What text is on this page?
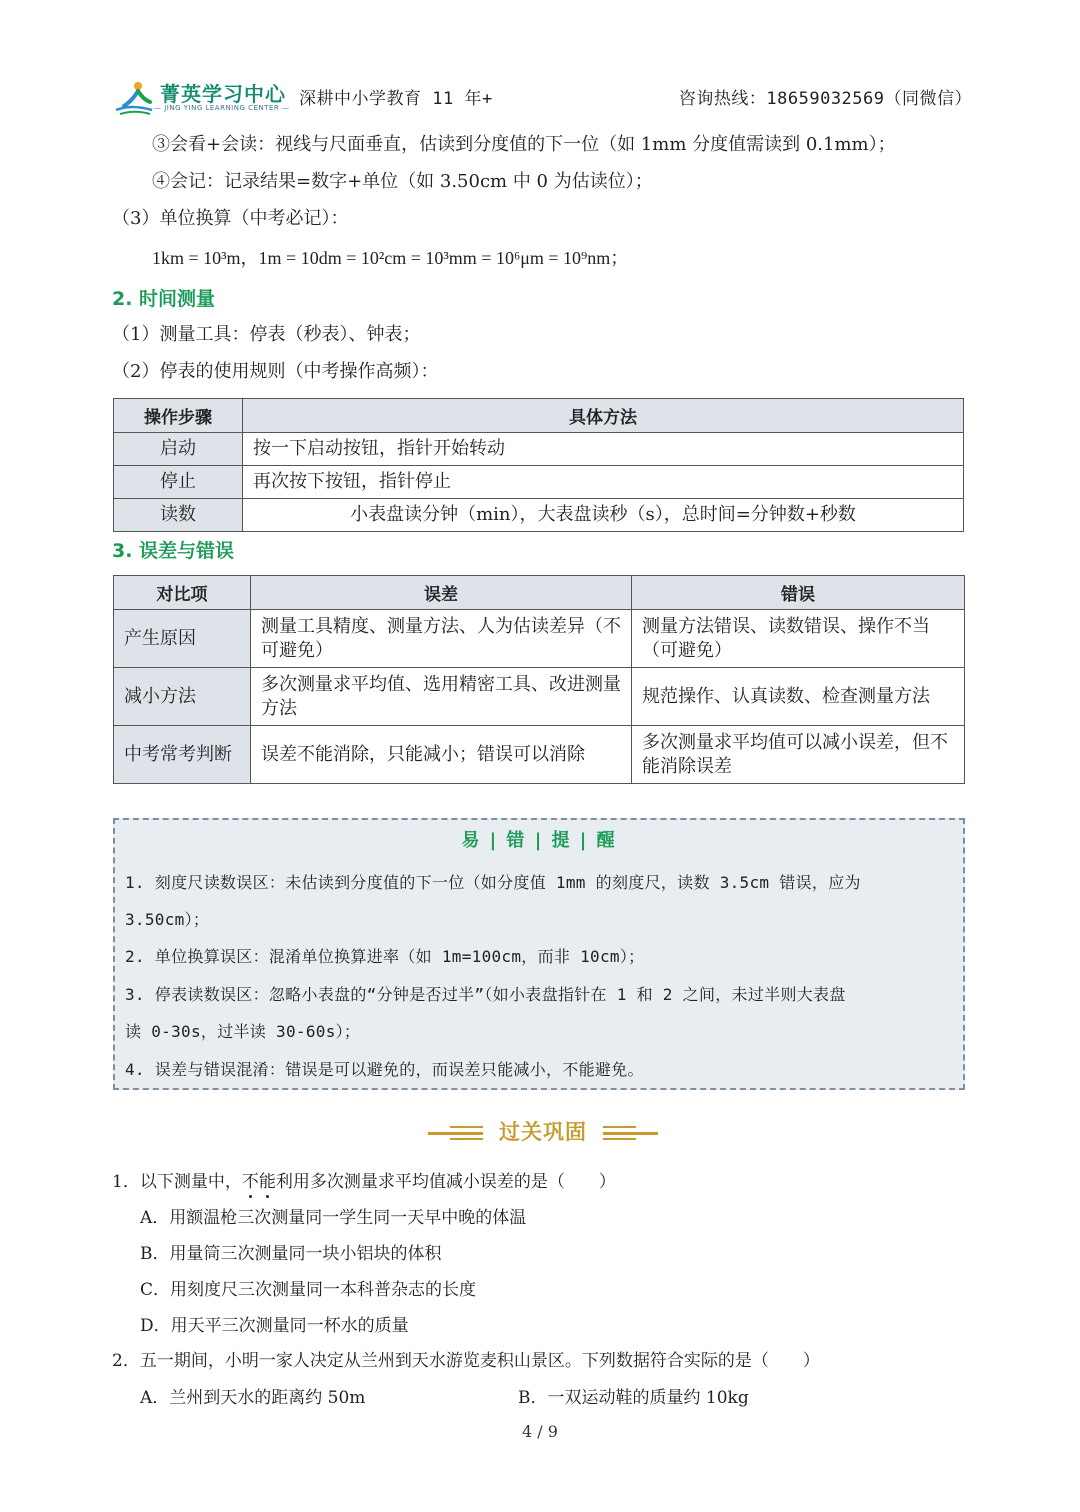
菁英学习中心
— JING YING LEARNING CENTER — 深耕中小学教育 11 年+	咨询热线：18659032569（同微信）
③会看+会读：视线与尺面垂直，估读到分度值的下一位（如 1mm 分度值需读到 0.1mm）；
④会记：记录结果=数字+单位（如 3.50cm 中 0 为估读位）；
（3）单位换算（中考必记）：
1km = 10³m，1m = 10dm = 10²cm = 10³mm = 10⁶μm = 10⁹nm；
2. 时间测量
（1）测量工具：停表（秒表）、钟表；
（2）停表的使用规则（中考操作高频）：
操作步骤	具体方法
启动	按一下启动按钮，指针开始转动
停止	再次按下按钮，指针停止
读数	小表盘读分钟（min），大表盘读秒（s），总时间=分钟数+秒数
3. 误差与错误
对比项	误差	错误
产生原因	测量工具精度、测量方法、人为估读差异（不可避免）	测量方法错误、读数错误、操作不当（可避免）
减小方法	多次测量求平均值、选用精密工具、改进测量方法	规范操作、认真读数、检查测量方法
中考常考判断	误差不能消除，只能减小；错误可以消除	多次测量求平均值可以减小误差，但不能消除误差
易 | 错 | 提 | 醒
1. 刻度尺读数误区：未估读到分度值的下一位（如分度值 1mm 的刻度尺，读数 3.5cm 错误，应为
3.50cm）；
2. 单位换算误区：混淆单位换算进率（如 1m=100cm，而非 10cm）；
3. 停表读数误区：忽略小表盘的“分钟是否过半”（如小表盘指针在 1 和 2 之间，未过半则大表盘
读 0-30s，过半读 30-60s）；
4. 误差与错误混淆：错误是可以避免的，而误差只能减小，不能避免。
过关巩固
1．以下测量中，不能利用多次测量求平均值减小误差的是（　　）
A．用额温枪三次测量同一学生同一天早中晚的体温
B．用量筒三次测量同一块小铝块的体积
C．用刻度尺三次测量同一本科普杂志的长度
D．用天平三次测量同一杯水的质量
2．五一期间，小明一家人决定从兰州到天水游览麦积山景区。下列数据符合实际的是（　　）
A．兰州到天水的距离约 50m	B．一双运动鞋的质量约 10kg
4 / 9
